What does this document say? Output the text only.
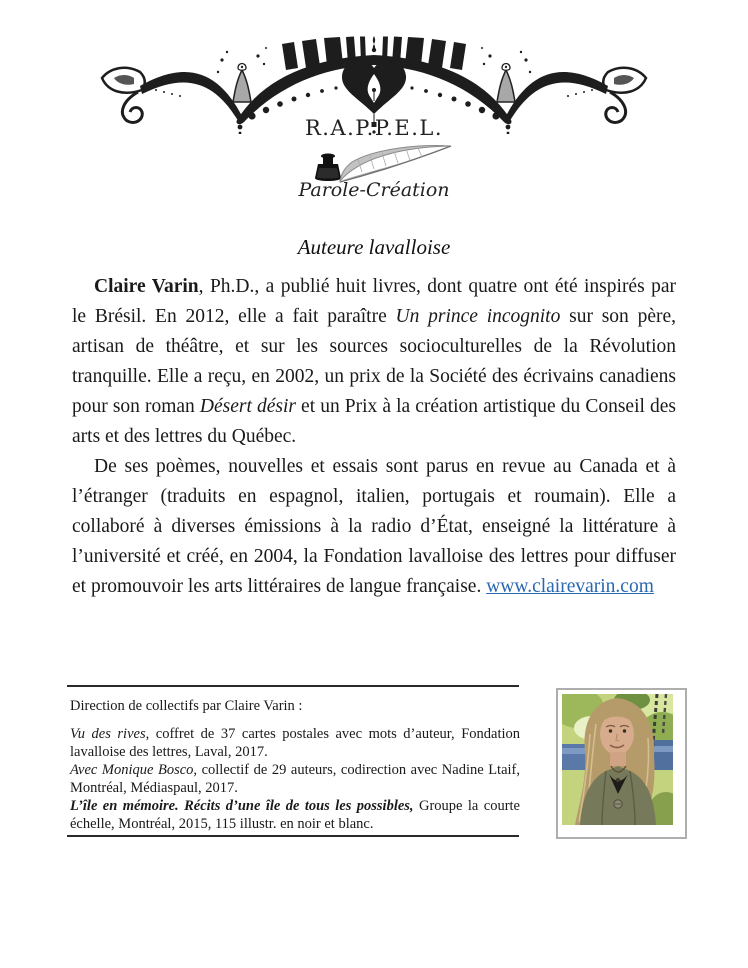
R.A.P.P.E.L.
Parole-Création
Auteure lavalloise

Claire Varin, Ph.D., a publié huit livres, dont quatre ont été inspirés par le Brésil. En 2012, elle a fait paraître Un prince incognito sur son père, artisan de théâtre, et sur les sources socioculturelles de la Révolution tranquille. Elle a reçu, en 2002, un prix de la Société des écrivains canadiens pour son roman Désert désir et un Prix à la création artistique du Conseil des arts et des lettres du Québec.

De ses poèmes, nouvelles et essais sont parus en revue au Canada et à l’étranger (traduits en espagnol, italien, portugais et roumain). Elle a collaboré à diverses émissions à la radio d’État, enseigné la littérature à l’université et créé, en 2004, la Fondation lavalloise des lettres pour diffuser et promouvoir les arts littéraires de langue française. www.clairevarin.com

Direction de collectifs par Claire Varin :

Vu des rives, coffret de 37 cartes postales avec mots d’auteur, Fondation lavalloise des lettres, Laval, 2017.

Avec Monique Bosco, collectif de 29 auteurs, codirection avec Nadine Ltaif, Montréal, Médiaspaul, 2017.

L’île en mémoire. Récits d’une île de tous les possibles, Groupe la courte échelle, Montréal, 2015, 115 illustr. en noir et blanc.
